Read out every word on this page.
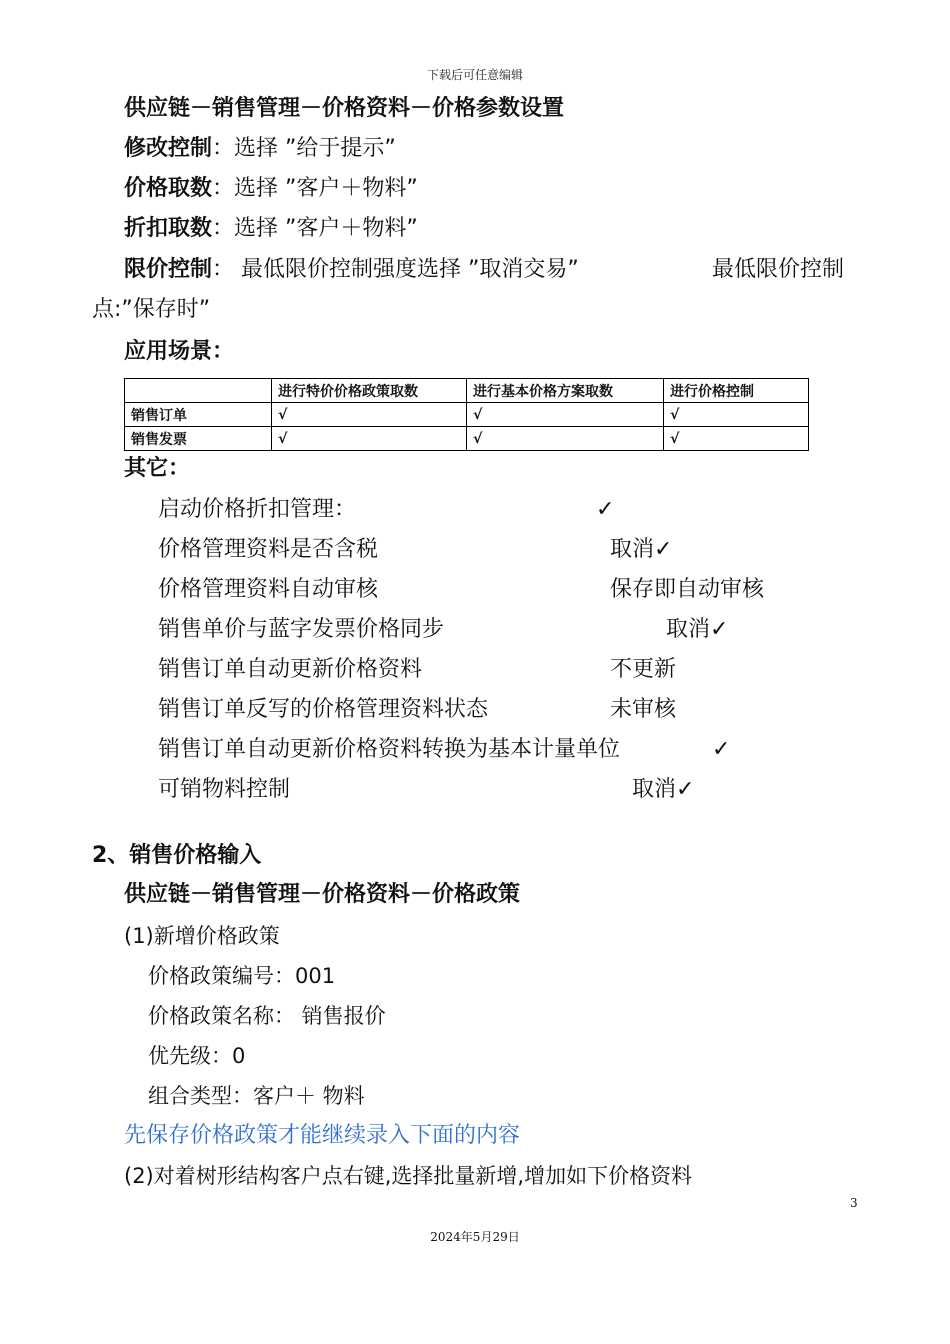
下载后可任意编辑
供应链－销售管理－价格资料－价格参数设置
修改控制：选择 ”给于提示”
价格取数：选择 ”客户＋物料”
折扣取数：选择 ”客户＋物料”
限价控制： 最低限价控制强度选择 ”取消交易”	最低限价控制
点:”保存时”
应用场景：
	进行特价价格政策取数	进行基本价格方案取数	进行价格控制
销售订单	√	√	√
销售发票	√	√	√
其它：
启动价格折扣管理：	✓
价格管理资料是否含税	取消✓
价格管理资料自动审核	保存即自动审核
销售单价与蓝字发票价格同步	取消✓
销售订单自动更新价格资料	不更新
销售订单反写的价格管理资料状态	未审核
销售订单自动更新价格资料转换为基本计量单位	✓
可销物料控制	取消✓
2、销售价格输入
供应链－销售管理－价格资料－价格政策
(1)新增价格政策
价格政策编号：001
价格政策名称： 销售报价
优先级：0
组合类型：客户＋ 物料
先保存价格政策才能继续录入下面的内容
(2)对着树形结构客户点右键,选择批量新增,增加如下价格资料
3
2024年5月29日
